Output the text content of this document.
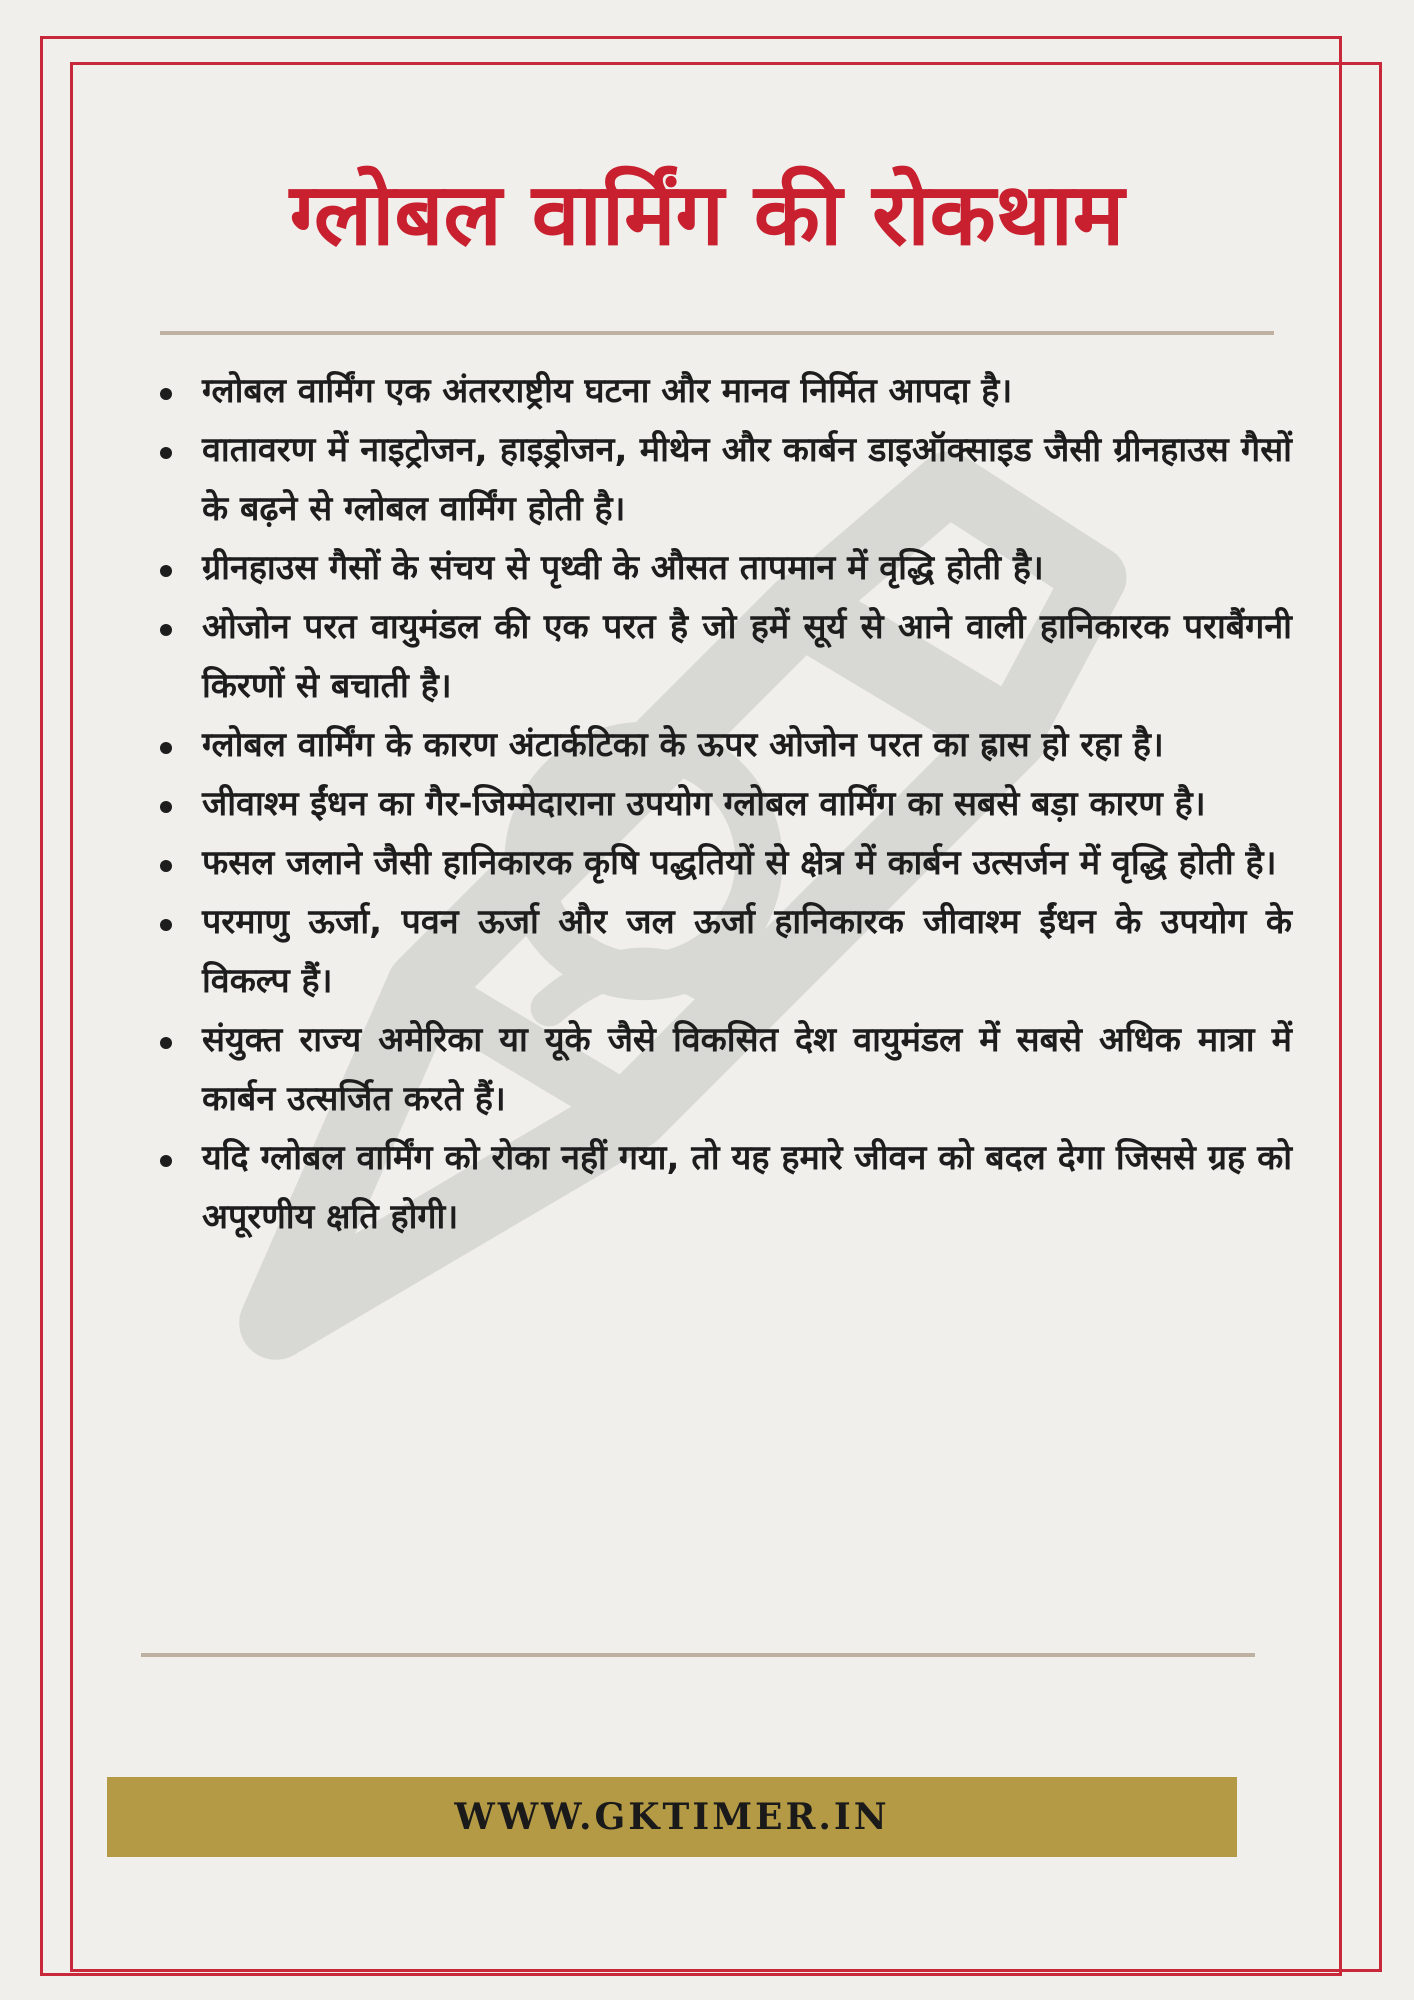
ग्लोबल वार्मिंग की रोकथाम
ग्लोबल वार्मिंग एक अंतरराष्ट्रीय घटना और मानव निर्मित आपदा है।
वातावरण में नाइट्रोजन, हाइड्रोजन, मीथेन और कार्बन डाइऑक्साइड जैसी ग्रीनहाउस गैसों के बढ़ने से ग्लोबल वार्मिंग होती है।
ग्रीनहाउस गैसों के संचय से पृथ्वी के औसत तापमान में वृद्धि होती है।
ओजोन परत वायुमंडल की एक परत है जो हमें सूर्य से आने वाली हानिकारक पराबैंगनी किरणों से बचाती है।
ग्लोबल वार्मिंग के कारण अंटार्कटिका के ऊपर ओजोन परत का ह्रास हो रहा है।
जीवाश्म ईंधन का गैर-जिम्मेदाराना उपयोग ग्लोबल वार्मिंग का सबसे बड़ा कारण है।
फसल जलाने जैसी हानिकारक कृषि पद्धतियों से क्षेत्र में कार्बन उत्सर्जन में वृद्धि होती है।
परमाणु ऊर्जा, पवन ऊर्जा और जल ऊर्जा हानिकारक जीवाश्म ईंधन के उपयोग के विकल्प हैं।
संयुक्त राज्य अमेरिका या यूके जैसे विकसित देश वायुमंडल में सबसे अधिक मात्रा में कार्बन उत्सर्जित करते हैं।
यदि ग्लोबल वार्मिंग को रोका नहीं गया, तो यह हमारे जीवन को बदल देगा जिससे ग्रह को अपूरणीय क्षति होगी।
WWW.GKTIMER.IN
